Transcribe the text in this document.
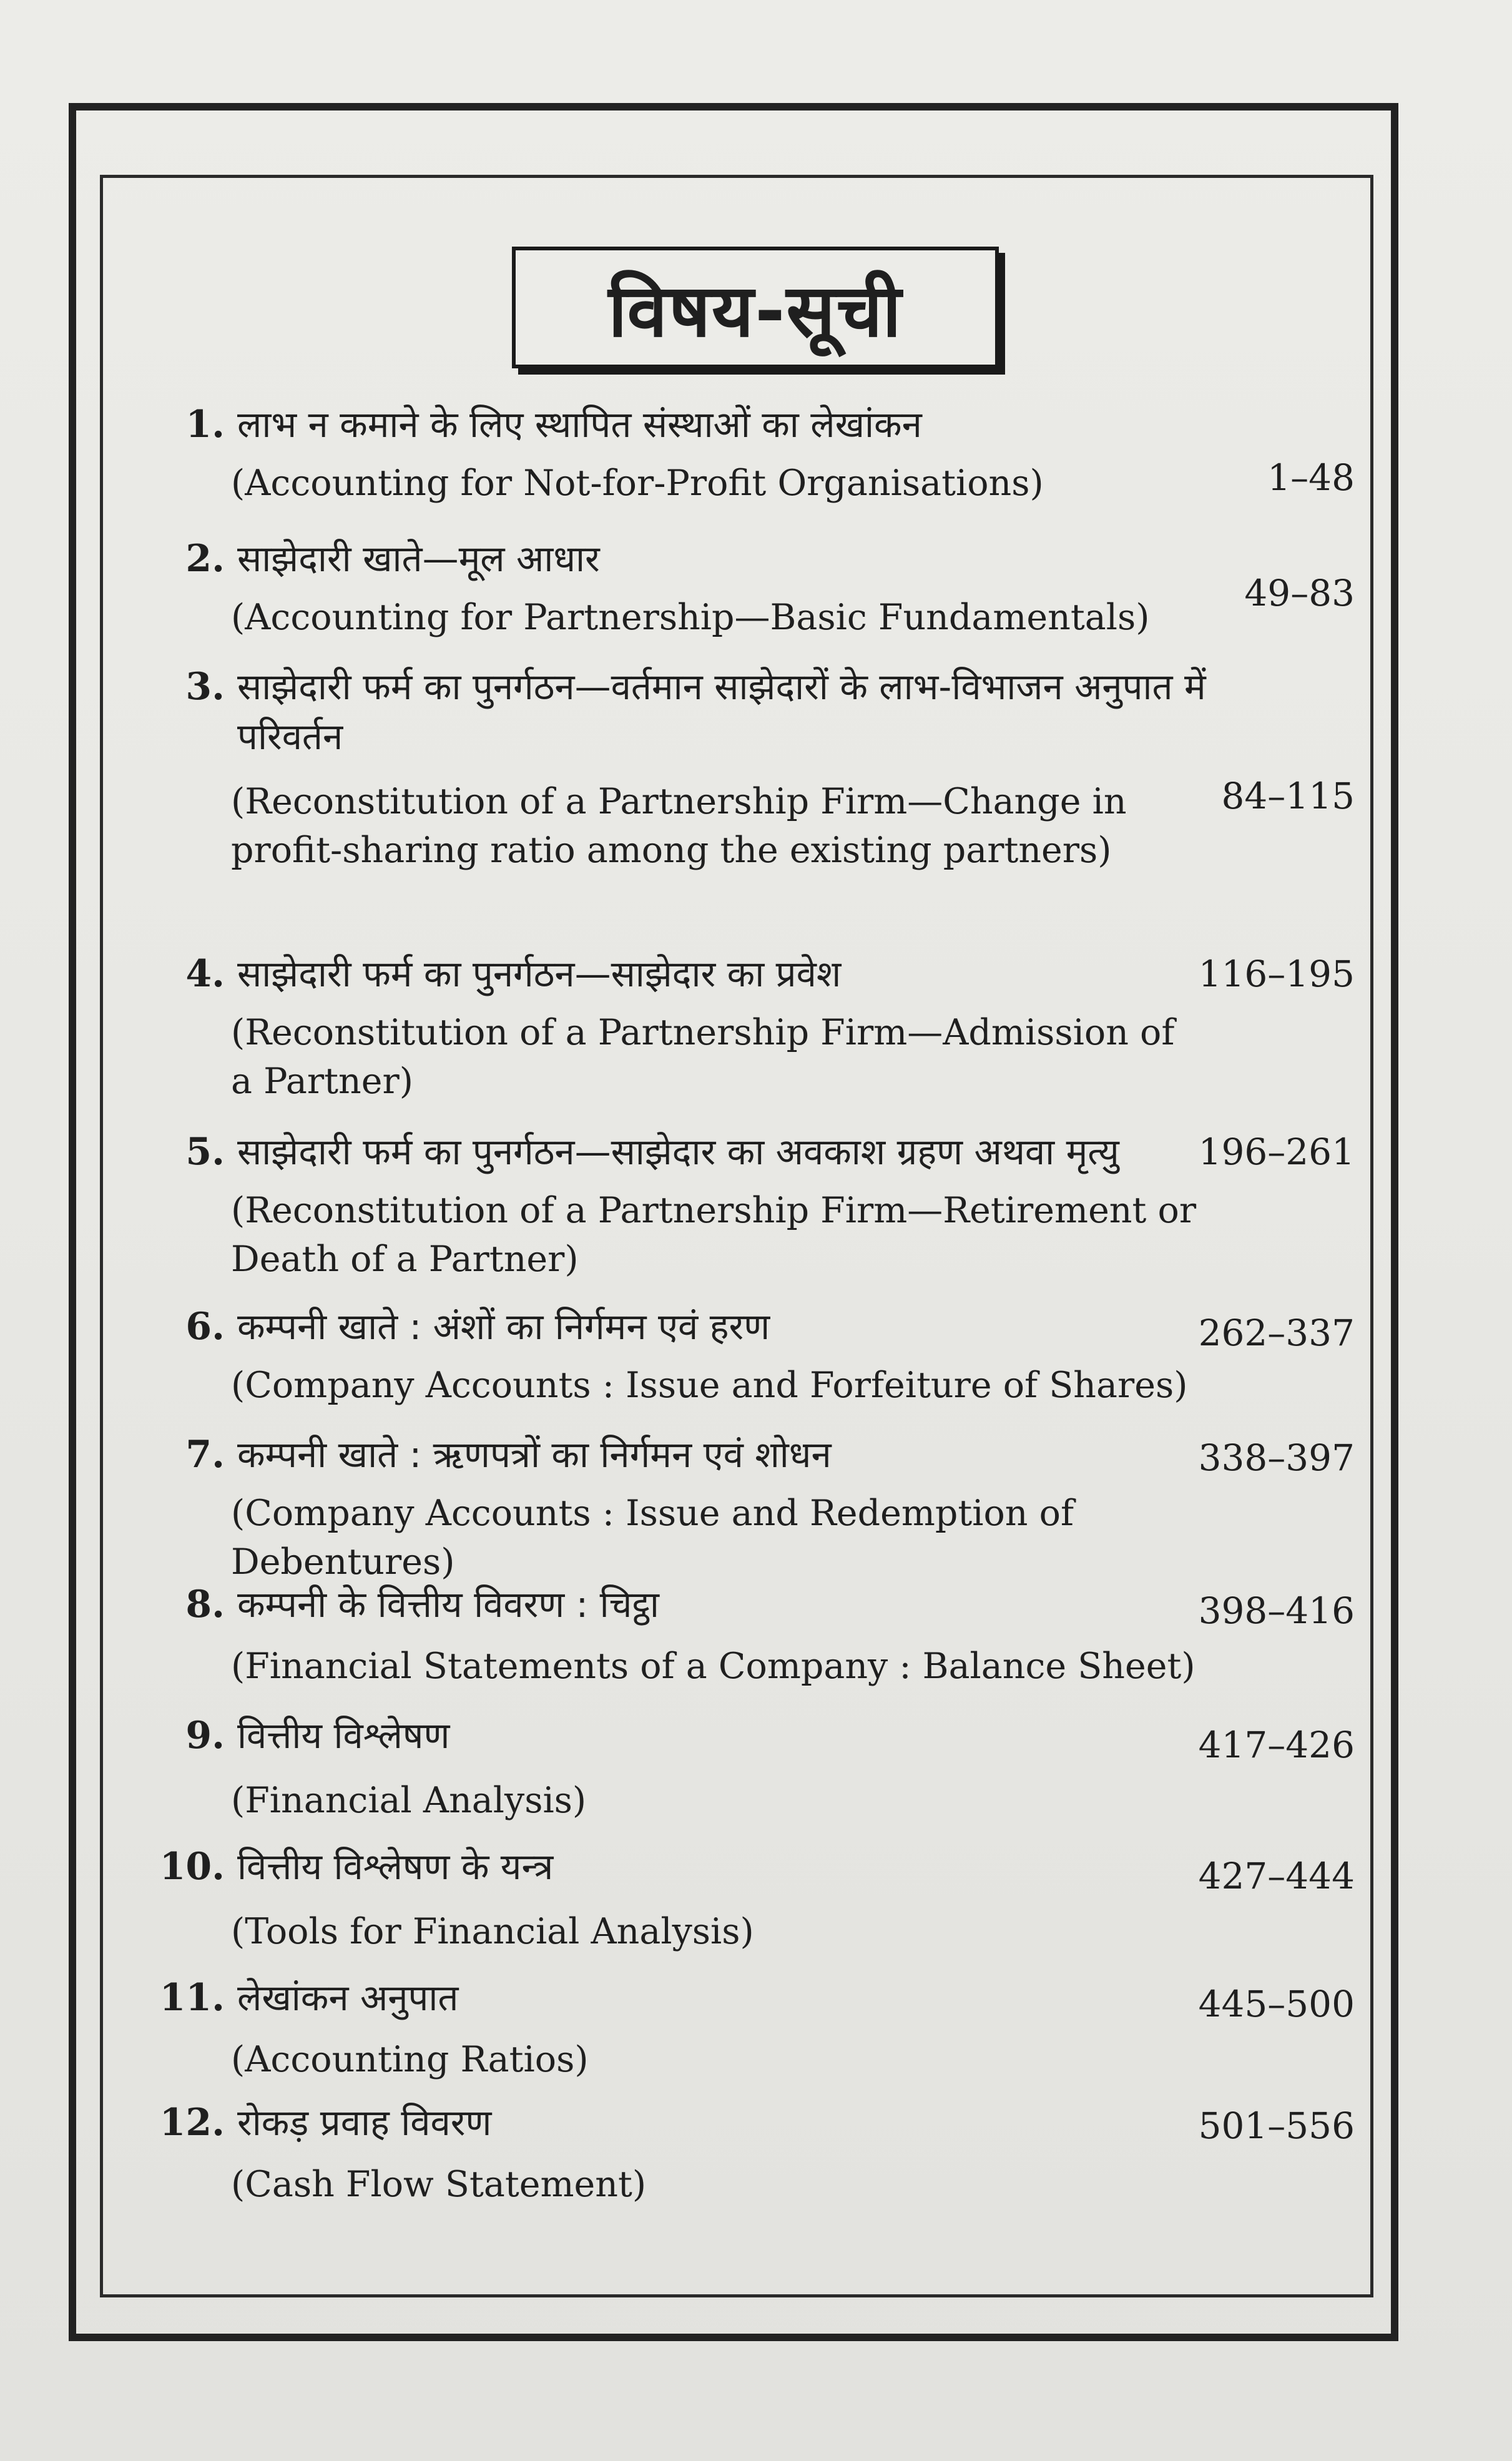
विषय-सूची
1. लाभ न कमाने के लिए स्थापित संस्थाओं का लेखांकन
(Accounting for Not-for-Profit Organisations)	1–48
2. साझेदारी खाते—मूल आधार
(Accounting for Partnership—Basic Fundamentals)
49–83
3. साझेदारी फर्म का पुनर्गठन—वर्तमान साझेदारों के लाभ-विभाजन अनुपात में परिवर्तन
(Reconstitution of a Partnership Firm—Change in profit-sharing ratio among the existing partners)
84–115
4. साझेदारी फर्म का पुनर्गठन—साझेदार का प्रवेश
(Reconstitution of a Partnership Firm—Admission of a Partner)
116–195
5. साझेदारी फर्म का पुनर्गठन—साझेदार का अवकाश ग्रहण अथवा मृत्यु
(Reconstitution of a Partnership Firm—Retirement or Death of a Partner)
196–261
6. कम्पनी खाते : अंशों का निर्गमन एवं हरण
(Company Accounts : Issue and Forfeiture of Shares)
262–337
7. कम्पनी खाते : ऋणपत्रों का निर्गमन एवं शोधन
(Company Accounts : Issue and Redemption of Debentures)
338–397
8. कम्पनी के वित्तीय विवरण : चिट्ठा
(Financial Statements of a Company : Balance Sheet)
398–416
9. वित्तीय विश्लेषण
(Financial Analysis)
417–426
10. वित्तीय विश्लेषण के यन्त्र
(Tools for Financial Analysis)
427–444
11. लेखांकन अनुपात
(Accounting Ratios)
445–500
12. रोकड़ प्रवाह विवरण
(Cash Flow Statement)
501–556
